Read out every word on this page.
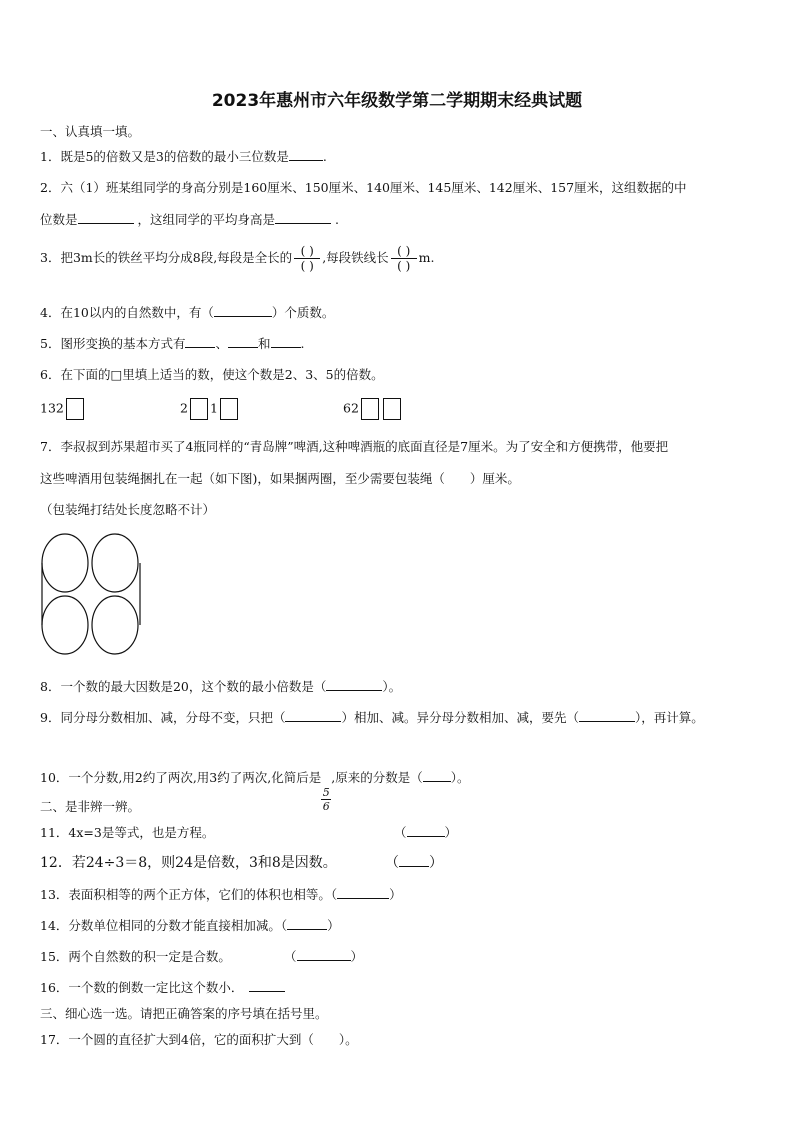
2023年惠州市六年级数学第二学期期末经典试题
一、认真填一填。
1．既是5的倍数又是3的倍数的最小三位数是	.
2．六（1）班某组同学的身高分别是160厘米、150厘米、140厘米、145厘米、142厘米、157厘米，这组数据的中
位数是	，这组同学的平均身高是	.
3．把3m长的铁丝平均分成8段,每段是全长的 $\frac{( )}{( )}$ ,每段铁线长 $\frac{( )}{( )} m$.
4．在10以内的自然数中，有（	）个质数。
5．图形变换的基本方式有 、 和 .
6．在下面的□里填上适当的数，使这个数是2、3、5的倍数。
132	2 1	62
7．李叔叔到苏果超市买了4瓶同样的“青岛牌”啤酒,这种啤酒瓶的底面直径是7厘米。为了安全和方便携带，他要把
这些啤酒用包装绳捆扎在一起（如下图)，如果捆两圈，至少需要包装绳（　　）厘米。
（包装绳打结处长度忽略不计）
8．一个数的最大因数是20，这个数的最小倍数是（	）。
9．同分母分数相加、减，分母不变，只把（	）相加、减。异分母分数相加、减，要先（	），再计算。
10．一个分数,用2约了两次,用3约了两次,化简后是
$\frac{5}{6}$
,原来的分数是（ ）。
二、是非辨一辨。
11．4x=3是等式，也是方程。	（	）
12．若24÷3＝8，则24是倍数，3和8是因数。	（ ）
13．表面积相等的两个正方体，它们的体积也相等。（	）
14．分数单位相同的分数才能直接相加减。（	）
15．两个自然数的积一定是合数。	（	）
16．一个数的倒数一定比这个数小．
三、细心选一选。请把正确答案的序号填在括号里。
17．一个圆的直径扩大到4倍，它的面积扩大到（　　）。
